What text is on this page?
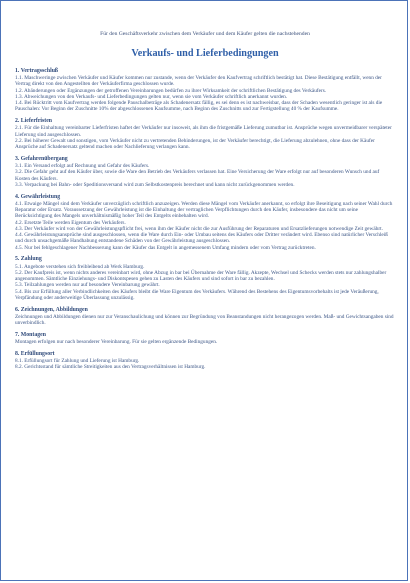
Für den Geschäftsverkehr zwischen dem Verkäufer und dem Käufer gelten die nachstehenden

Verkaufs- und Lieferbedingungen

1. Vertragsschluß

1.1. Maschweringe zwischen Verkäufer und Käufer kommen nur zustande, wenn der Verkäufer den Kaufvertrag schriftlich bestätigt hat. Diese Bestätigung entfällt, wenn der Vertrag direkt von den Angestellten der Verkäuferfirma geschlossen wurde.
1.2. Abänderungen oder Ergänzungen der getroffenen Vereinbarungen bedürfen zu ihrer Wirksamkeit der schriftlichen Bestätigung des Verkäufers.
1.3. Abweichungen von den Verkaufs- und Lieferbedingungen gelten nur, wenn sie vom Verkäufer schriftlich anerkannt wurden.
1.4. Bei Rücktritt vom Kaufvertrag werden folgende Pauschalbeträge als Schadenersatz fällig, es sei denn es ist nachweisbar, dass der Schaden wesentlich geringer ist als die Pauschalen: Vor Beginn der Zuschnitte 10% der abgeschlossenen Kaufsumme, nach Beginn des Zuschnitts und zur Fertigstellung 40 % der Kaufsumme.

2. Lieferfristen

2.1. Für die Einhaltung vereinbarter Lieferfristen haftet der Verkäufer nur insoweit, als ihm die fristgemäße Lieferung zumutbar ist. Ansprüche wegen unvermeidbarer verspäteter Lieferung sind ausgeschlossen.
2.2. Bei höherer Gewalt und sonstigen, vom Verkäufer nicht zu vertretenden Behinderungen, ist der Verkäufer berechtigt, die Lieferung abzulehnen, ohne dass der Käufer Ansprüche auf Schadenersatz geltend machen oder Nachlieferung verlangen kann.

3. Gefahrenübergang

3.1. Ein Versand erfolgt auf Rechnung und Gefahr des Käufers.
3.2. Die Gefahr geht auf den Käufer über, sowie die Ware den Betrieb des Verkäufers verlassen hat. Eine Versicherung der Ware erfolgt nur auf besonderen Wunsch und auf Kosten des Käufers.
3.3. Verpackung bei Bahn- oder Speditionsversand wird zum Selbstkostenpreis berechnet und kann nicht zurückgenommen werden.

4. Gewährleistung

4.1. Etwaige Mängel sind dem Verkäufer unverzüglich schriftlich anzuzeigen. Werden diese Mängel vom Verkäufer anerkannt, so erfolgt ihre Beseitigung nach seiner Wahl durch Reparatur oder Ersatz. Voraussetzung der Gewährleistung ist die Einhaltung der vertraglichen Verpflichtungen durch den Käufer, insbesondere das nicht um seine Berücksichtigung des Mangels unverhältnismäßig hoher Teil des Entgelts einbehalten wird.
4.2. Ersetzte Teile werden Eigentum des Verkäufers.
4.3. Der Verkäufer wird von der Gewährleistungspflicht frei, wenn ihm der Käufer nicht die zur Ausführung der Reparaturen und Ersatzlieferungen notwendige Zeit gewährt.
4.4. Gewährleistungsansprüche sind ausgeschlossen, wenn die Ware durch Ein- oder Umbau seitens des Käufers oder Dritter verändert wird. Ebenso sind natürlicher Verschleiß und durch unsachgemäße Handhabung entstandene Schäden von der Gewährleistung ausgeschlossen.
4.5. Nur bei fehlgeschlagener Nachbesserung kann der Käufer das Entgelt in angemessenem Umfang mindern oder vom Vertrag zurücktreten.

5. Zahlung

5.1. Angebote verstehen sich freibleibend ab Werk Hamburg.
5.2. Der Kaufpreis ist, wenn nichts anderes vereinbart wird, ohne Abzug in bar bei Übernahme der Ware fällig. Akzepte, Wechsel und Schecks werden stets nur zahlungshalber angenommen. Sämtliche Einziehungs- und Diskontspesen gehen zu Lasten des Käufers und sind sofort in bar zu bezahlen.
5.3. Teilzahlungen werden nur auf besondere Vereinbarung gewährt.
5.4. Bis zur Erfüllung aller Verbindlichkeiten des Käufers bleibt die Ware Eigentum des Verkäufers. Während des Bestehens des Eigentumsvorbehalts ist jede Veräußerung, Verpfändung oder anderweitige Überlassung unzulässig.

6. Zeichnungen, Abbildungen

Zeichnungen und Abbildungen dienen nur zur Veranschaulichung und können zur Begründung von Beanstandungen nicht herangezogen werden. Maß- und Gewichtsangaben sind unverbindlich.

7. Montagen

Montagen erfolgen nur nach besonderer Vereinbarung. Für sie gelten ergänzende Bedingungen.

8. Erfüllungsort

8.1. Erfüllungsort für Zahlung und Lieferung ist Hamburg.
8.2. Gerichtsstand für sämtliche Streitigkeiten aus den Vertragsverhältnissen ist Hamburg.
